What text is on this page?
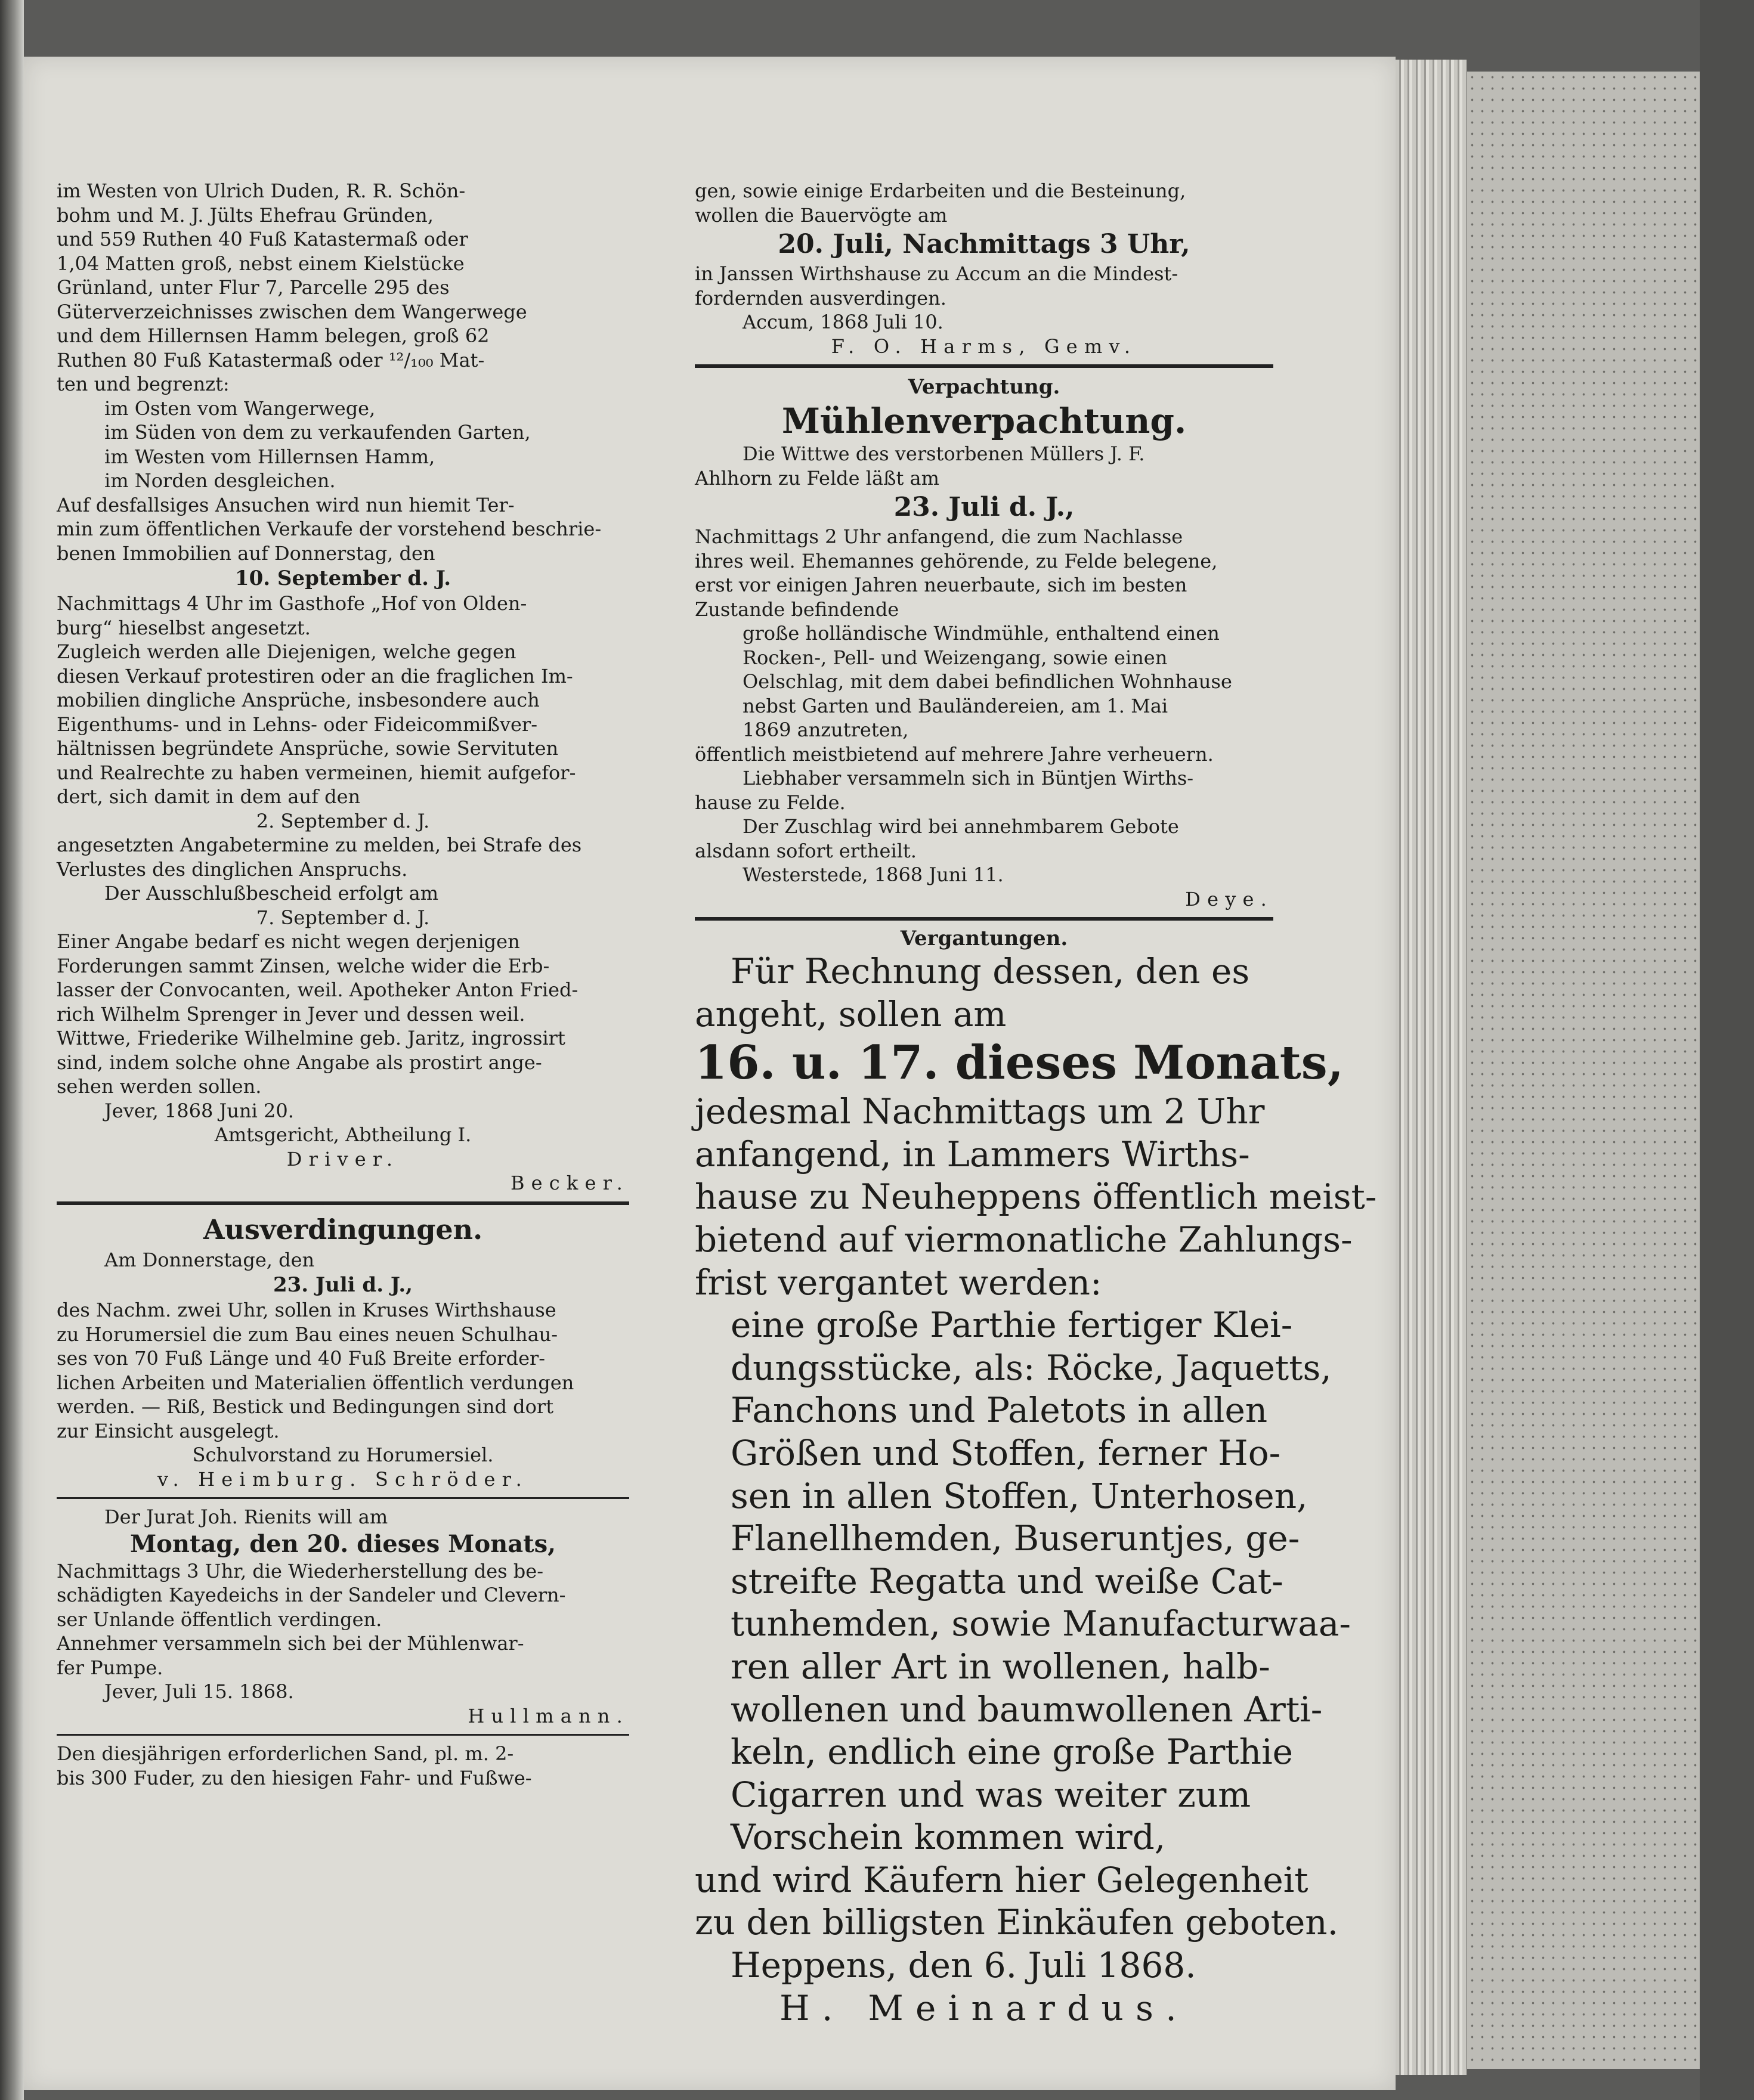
im Westen von Ulrich Duden, R. R. Schön-

bohm und M. J. Jülts Ehefrau Gründen,

und 559 Ruthen 40 Fuß Katastermaß oder

1,04 Matten groß, nebst einem Kielstücke

Grünland, unter Flur 7, Parcelle 295 des

Güterverzeichnisses zwischen dem Wangerwege

und dem Hillernsen Hamm belegen, groß 62

Ruthen 80 Fuß Katastermaß oder ¹²/₁₀₀ Mat-

ten und begrenzt:

im Osten vom Wangerwege,

im Süden von dem zu verkaufenden Garten,

im Westen vom Hillernsen Hamm,

im Norden desgleichen.

Auf desfallsiges Ansuchen wird nun hiemit Ter-

min zum öffentlichen Verkaufe der vorstehend beschrie-

benen Immobilien auf Donnerstag, den

10. September d. J.

Nachmittags 4 Uhr im Gasthofe „Hof von Olden-

burg“ hieselbst angesetzt.

Zugleich werden alle Diejenigen, welche gegen

diesen Verkauf protestiren oder an die fraglichen Im-

mobilien dingliche Ansprüche, insbesondere auch

Eigenthums- und in Lehns- oder Fideicommißver-

hältnissen begründete Ansprüche, sowie Servituten

und Realrechte zu haben vermeinen, hiemit aufgefor-

dert, sich damit in dem auf den

2. September d. J.

angesetzten Angabetermine zu melden, bei Strafe des

Verlustes des dinglichen Anspruchs.

Der Ausschlußbescheid erfolgt am

7. September d. J.

Einer Angabe bedarf es nicht wegen derjenigen

Forderungen sammt Zinsen, welche wider die Erb-

lasser der Convocanten, weil. Apotheker Anton Fried-

rich Wilhelm Sprenger in Jever und dessen weil.

Wittwe, Friederike Wilhelmine geb. Jaritz, ingrossirt

sind, indem solche ohne Angabe als prostirt ange-

sehen werden sollen.

Jever, 1868 Juni 20.

Amtsgericht, Abtheilung I.

Driver.

Becker.

Ausverdingungen.

Am Donnerstage, den

23. Juli d. J.,

des Nachm. zwei Uhr, sollen in Kruses Wirthshause

zu Horumersiel die zum Bau eines neuen Schulhau-

ses von 70 Fuß Länge und 40 Fuß Breite erforder-

lichen Arbeiten und Materialien öffentlich verdungen

werden. — Riß, Bestick und Bedingungen sind dort

zur Einsicht ausgelegt.

Schulvorstand zu Horumersiel.

v. Heimburg. Schröder.

Der Jurat Joh. Rienits will am

Montag, den 20. dieses Monats,

Nachmittags 3 Uhr, die Wiederherstellung des be-

schädigten Kayedeichs in der Sandeler und Clevern-

ser Unlande öffentlich verdingen.

Annehmer versammeln sich bei der Mühlenwar-

fer Pumpe.

Jever, Juli 15. 1868.

Hullmann.

Den diesjährigen erforderlichen Sand, pl. m. 2-

bis 300 Fuder, zu den hiesigen Fahr- und Fußwe-

gen, sowie einige Erdarbeiten und die Besteinung,

wollen die Bauervögte am

20. Juli, Nachmittags 3 Uhr,

in Janssen Wirthshause zu Accum an die Mindest-

fordernden ausverdingen.

Accum, 1868 Juli 10.

F. O. Harms, Gemv.

Verpachtung.

Mühlenverpachtung.

Die Wittwe des verstorbenen Müllers J. F.

Ahlhorn zu Felde läßt am

23. Juli d. J.,

Nachmittags 2 Uhr anfangend, die zum Nachlasse

ihres weil. Ehemannes gehörende, zu Felde belegene,

erst vor einigen Jahren neuerbaute, sich im besten

Zustande befindende

große holländische Windmühle, enthaltend einen

Rocken-, Pell- und Weizengang, sowie einen

Oelschlag, mit dem dabei befindlichen Wohnhause

nebst Garten und Bauländereien, am 1. Mai

1869 anzutreten,

öffentlich meistbietend auf mehrere Jahre verheuern.

Liebhaber versammeln sich in Büntjen Wirths-

hause zu Felde.

Der Zuschlag wird bei annehmbarem Gebote

alsdann sofort ertheilt.

Westerstede, 1868 Juni 11.

Deye.

Vergantungen.

Für Rechnung dessen, den es

angeht, sollen am

16. u. 17. dieses Monats,

jedesmal Nachmittags um 2 Uhr

anfangend, in Lammers Wirths-

hause zu Neuheppens öffentlich meist-

bietend auf viermonatliche Zahlungs-

frist vergantet werden:

eine große Parthie fertiger Klei-

dungsstücke, als: Röcke, Jaquetts,

Fanchons und Paletots in allen

Größen und Stoffen, ferner Ho-

sen in allen Stoffen, Unterhosen,

Flanellhemden, Buseruntjes, ge-

streifte Regatta und weiße Cat-

tunhemden, sowie Manufacturwaa-

ren aller Art in wollenen, halb-

wollenen und baumwollenen Arti-

keln, endlich eine große Parthie

Cigarren und was weiter zum

Vorschein kommen wird,

und wird Käufern hier Gelegenheit

zu den billigsten Einkäufen geboten.

Heppens, den 6. Juli 1868.

H. Meinardus.
